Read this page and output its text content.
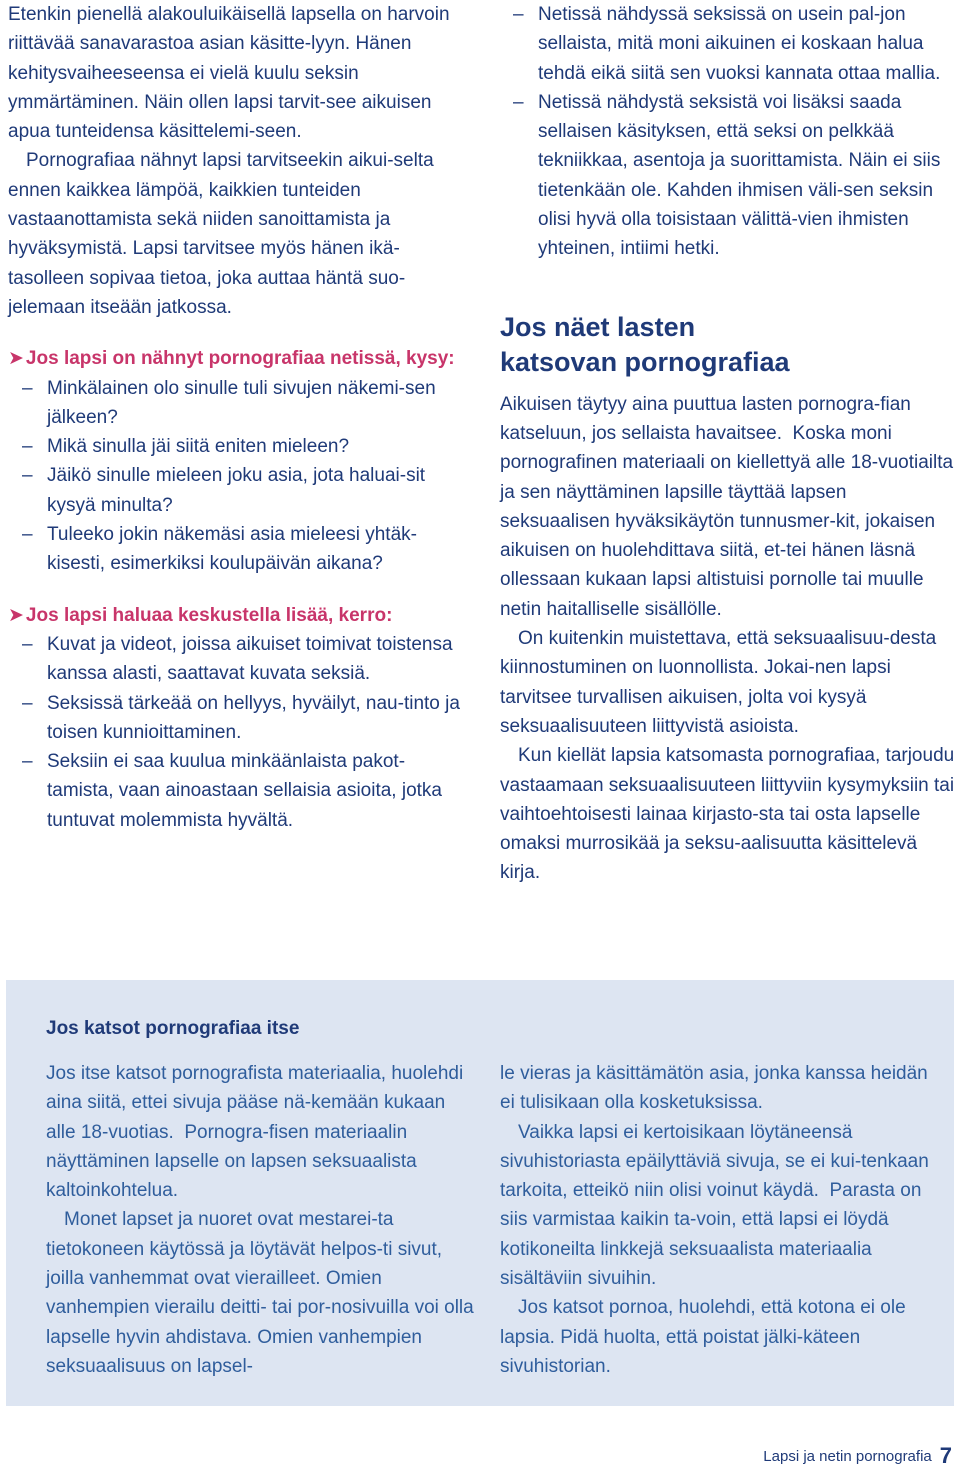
Etenkin pienellä alakouluikäisellä lapsella on harvoin riittävää sanavarastoa asian käsitte-lyyn. Hänen kehitysvaiheeseensa ei vielä kuulu seksin ymmärtäminen. Näin ollen lapsi tarvit-see aikuisen apua tunteidensa käsittelemi-seen.

Pornografiaa nähnyt lapsi tarvitseekin aikui-selta ennen kaikkea lämpöä, kaikkien tunteiden vastaanottamista sekä niiden sanoittamista ja hyväksymistä. Lapsi tarvitsee myös hänen ikä-tasolleen sopivaa tietoa, joka auttaa häntä suo-jelemaan itseään jatkossa.

➤ Jos lapsi on nähnyt pornografiaa netissä, kysy:
– Minkälainen olo sinulle tuli sivujen näkemi-sen jälkeen?
– Mikä sinulla jäi siitä eniten mieleen?
– Jäikö sinulle mieleen joku asia, jota haluai-sit kysyä minulta?
– Tuleeko jokin näkemäsi asia mieleesi yhtäk-kisesti, esimerkiksi koulupäivän aikana?
➤ Jos lapsi haluaa keskustella lisää, kerro:
– Kuvat ja videot, joissa aikuiset toimivat toistensa kanssa alasti, saattavat kuvata seksiä.
– Seksissä tärkeää on hellyys, hyväilyt, nau-tinto ja toisen kunnioittaminen.
– Seksiin ei saa kuulua minkäänlaista pakot-tamista, vaan ainoastaan sellaisia asioita, jotka tuntuvat molemmista hyvältä.
– Netissä nähdyssä seksissä on usein pal-jon sellaista, mitä moni aikuinen ei koskaan halua tehdä eikä siitä sen vuoksi kannata ottaa mallia.
– Netissä nähdystä seksistä voi lisäksi saada sellaisen käsityksen, että seksi on pelkkää tekniikkaa, asentoja ja suorittamista. Näin ei siis tietenkään ole. Kahden ihmisen väli-sen seksin olisi hyvä olla toisistaan välittä-vien ihmisten yhteinen, intiimi hetki.
Jos näet lasten
katsovan pornografiaa

Aikuisen täytyy aina puuttua lasten pornogra-fian katseluun, jos sellaista havaitsee.  Koska moni pornografinen materiaali on kiellettyä alle 18-vuotiailta ja sen näyttäminen lapsille täyttää lapsen seksuaalisen hyväksikäytön tunnusmer-kit, jokaisen aikuisen on huolehdittava siitä, et-tei hänen läsnä ollessaan kukaan lapsi altistuisi pornolle tai muulle netin haitalliselle sisällölle.

On kuitenkin muistettava, että seksuaalisuu-desta kiinnostuminen on luonnollista. Jokai-nen lapsi tarvitsee turvallisen aikuisen, jolta voi kysyä seksuaalisuuteen liittyvistä asioista.

Kun kiellät lapsia katsomasta pornografiaa, tarjoudu vastaamaan seksuaalisuuteen liittyviin kysymyksiin tai vaihtoehtoisesti lainaa kirjasto-sta tai osta lapselle omaksi murrosikää ja seksu-aalisuutta käsittelevä kirja.

Jos katsot pornografiaa itse

Jos itse katsot pornografista materiaalia, huolehdi aina siitä, ettei sivuja pääse nä-kemään kukaan alle 18-vuotias.  Pornogra-fisen materiaalin näyttäminen lapselle on lapsen seksuaalista kaltoinkohtelua.

Monet lapset ja nuoret ovat mestarei-ta tietokoneen käytössä ja löytävät helpos-ti sivut, joilla vanhemmat ovat vierailleet. Omien vanhempien vierailu deitti- tai por-nosivuilla voi olla lapselle hyvin ahdistava. Omien vanhempien seksuaalisuus on lapsel-

le vieras ja käsittämätön asia, jonka kanssa heidän ei tulisikaan olla kosketuksissa.

Vaikka lapsi ei kertoisikaan löytäneensä sivuhistoriasta epäilyttäviä sivuja, se ei kui-tenkaan tarkoita, etteikö niin olisi voinut käydä.  Parasta on siis varmistaa kaikin ta-voin, että lapsi ei löydä kotikoneilta linkkejä seksuaalista materiaalia sisältäviin sivuihin.

Jos katsot pornoa, huolehdi, että kotona ei ole lapsia. Pidä huolta, että poistat jälki-käteen sivuhistorian.

Lapsi ja netin pornografia 7
